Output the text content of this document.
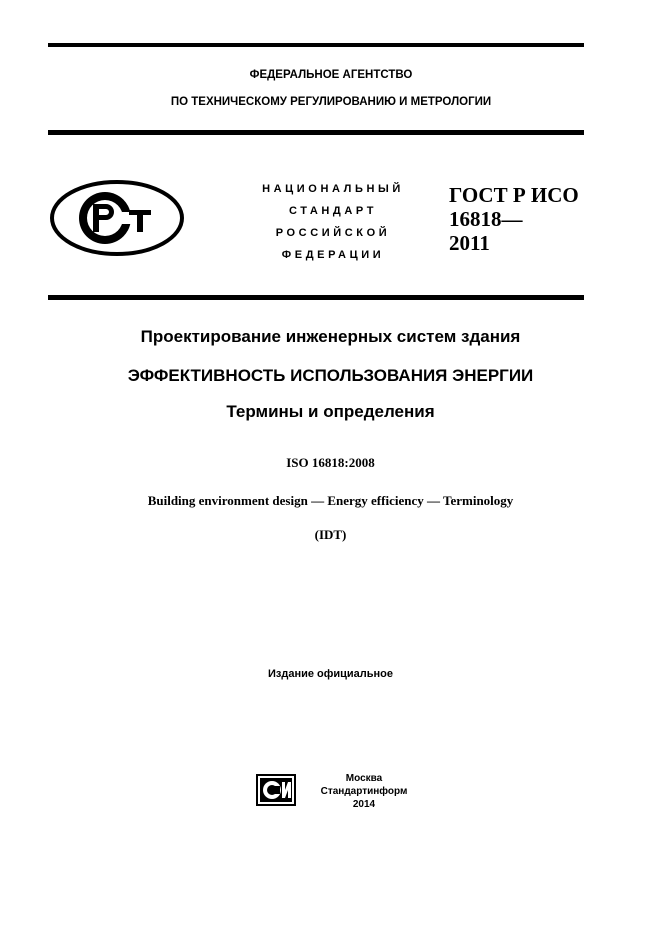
ФЕДЕРАЛЬНОЕ АГЕНТСТВО
ПО ТЕХНИЧЕСКОМУ РЕГУЛИРОВАНИЮ И МЕТРОЛОГИИ
НАЦИОНАЛЬНЫЙ
СТАНДАРТ
РОССИЙСКОЙ
ФЕДЕРАЦИИ
ГОСТ Р ИСО
16818—
2011
Проектирование инженерных систем здания
ЭФФЕКТИВНОСТЬ ИСПОЛЬЗОВАНИЯ ЭНЕРГИИ
Термины и определения
ISO 16818:2008
Building environment design — Energy efficiency — Terminology
(IDT)
Издание официальное
Москва
Стандартинформ
2014
